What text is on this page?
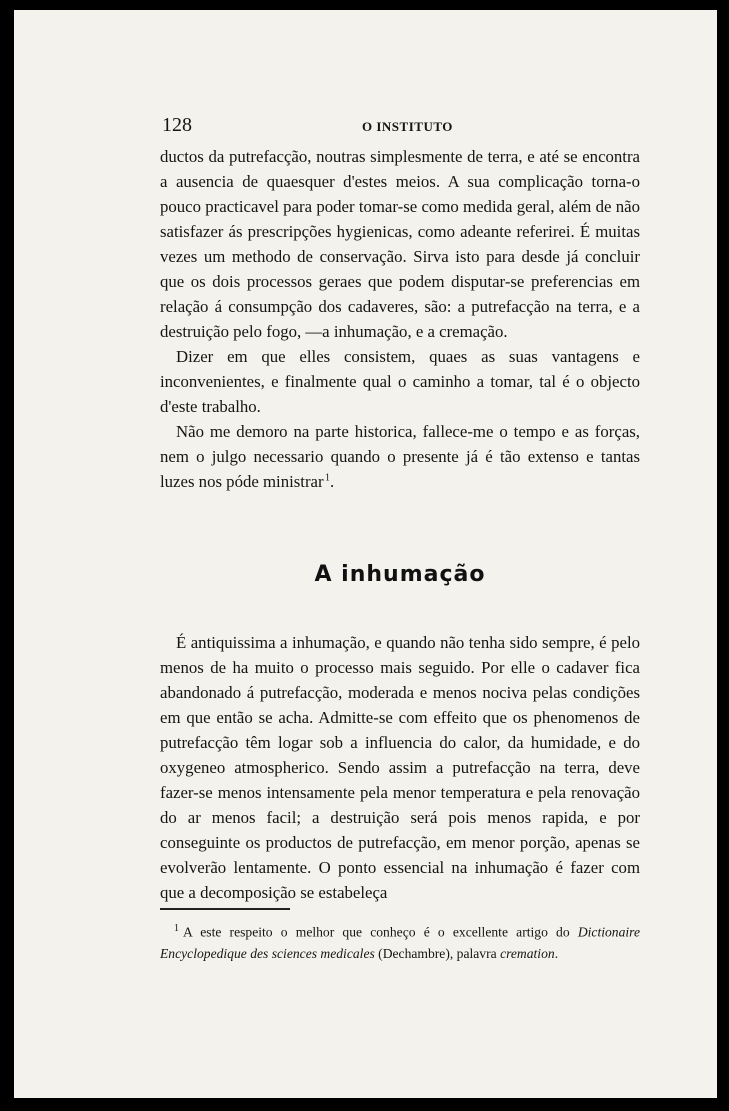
128	O INSTITUTO

ductos da putrefacção, noutras simplesmente de terra, e até se encontra a ausencia de quaesquer d'estes meios. A sua complicação torna-o pouco practicavel para poder tomar-se como medida geral, além de não satisfazer ás prescripções hygienicas, como adeante referirei. É muitas vezes um methodo de conservação. Sirva isto para desde já concluir que os dois processos geraes que podem disputar-se preferencias em relação á consumpção dos cadaveres, são: a putrefacção na terra, e a destruição pelo fogo, —a inhumação, e a cremação.

Dizer em que elles consistem, quaes as suas vantagens e inconvenientes, e finalmente qual o caminho a tomar, tal é o objecto d'este trabalho.

Não me demoro na parte historica, fallece-me o tempo e as forças, nem o julgo necessario quando o presente já é tão extenso e tantas luzes nos póde ministrar $^1$.

A inhumação

É antiquissima a inhumação, e quando não tenha sido sempre, é pelo menos de ha muito o processo mais seguido. Por elle o cadaver fica abandonado á putrefacção, moderada e menos nociva pelas condições em que então se acha. Admitte-se com effeito que os phenomenos de putrefacção têm logar sob a influencia do calor, da humidade, e do oxygeneo atmospherico. Sendo assim a putrefacção na terra, deve fazer-se menos intensamente pela menor temperatura e pela renovação do ar menos facil; a destruição será pois menos rapida, e por conseguinte os productos de putrefacção, em menor porção, apenas se evolverão lentamente. O ponto essencial na inhumação é fazer com que a decomposição se estabeleça

$^1$ A este respeito o melhor que conheço é o excellente artigo do Dictionaire Encyclopedique des sciences medicales (Dechambre), palavra cremation.
